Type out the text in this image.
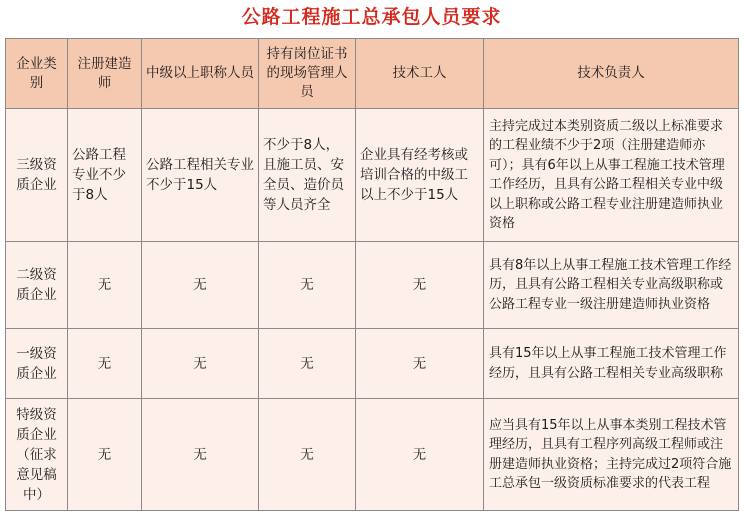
公路工程施工总承包人员要求
企业类别	注册建造师	中级以上职称人员	持有岗位证书的现场管理人员	技术工人	技术负责人
三级资质企业	公路工程专业不少于8人	公路工程相关专业不少于15人	不少于8人，且施工员、安全员、造价员等人员齐全	企业具有经考核或培训合格的中级工以上不少于15人	主持完成过本类别资质二级以上标准要求的工程业绩不少于2项（注册建造师亦可）；具有6年以上从事工程施工技术管理工作经历，且具有公路工程相关专业中级以上职称或公路工程专业注册建造师执业资格
二级资质企业	无	无	无	无	具有8年以上从事工程施工技术管理工作经历，且具有公路工程相关专业高级职称或公路工程专业一级注册建造师执业资格
一级资质企业	无	无	无	无	具有15年以上从事工程施工技术管理工作经历，且具有公路工程相关专业高级职称
特级资质企业（征求意见稿中）	无	无	无	无	应当具有15年以上从事本类别工程技术管理经历，且具有工程序列高级工程师或注册建造师执业资格；主持完成过2项符合施工总承包一级资质标准要求的代表工程
